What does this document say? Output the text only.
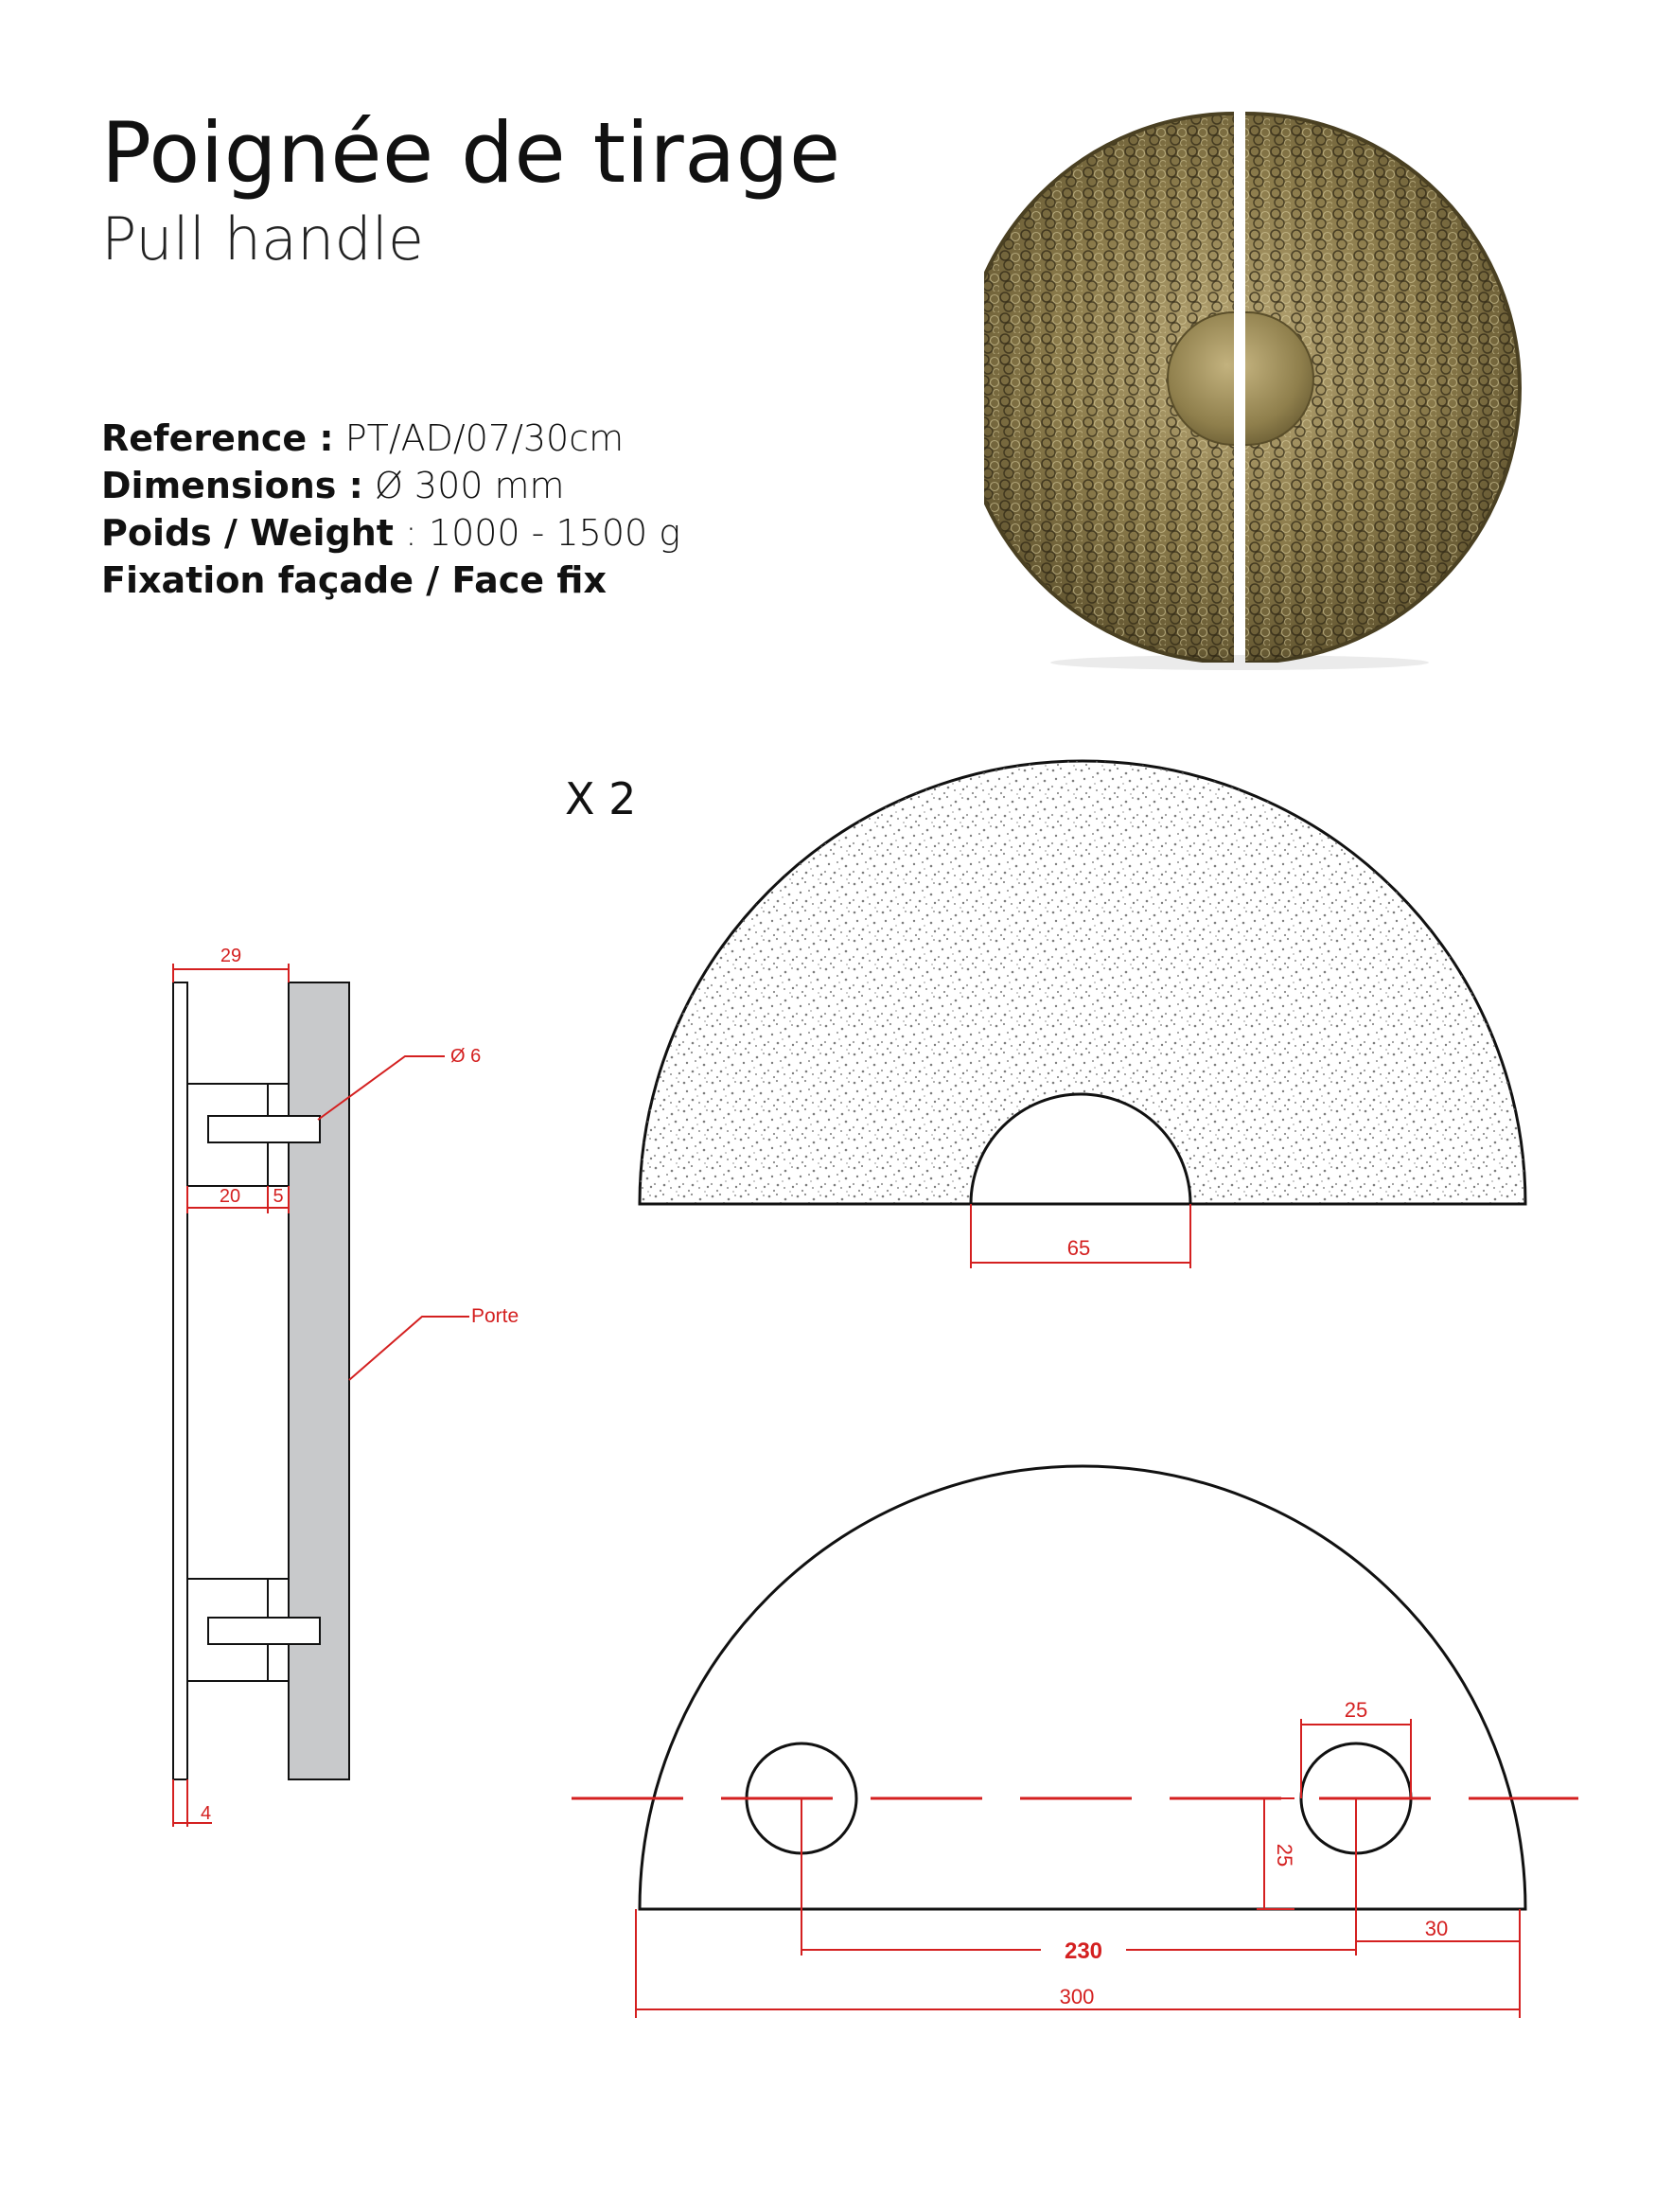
Poignée de tirage
Pull handle
Reference : PT/AD/07/30cm
Dimensions : Ø 300 mm
Poids / Weight : 1000 - 1500 g
Fixation façade / Face fix
X 2
65
29
Ø 6
20 5
Porte
4
25
25
230
30
300
